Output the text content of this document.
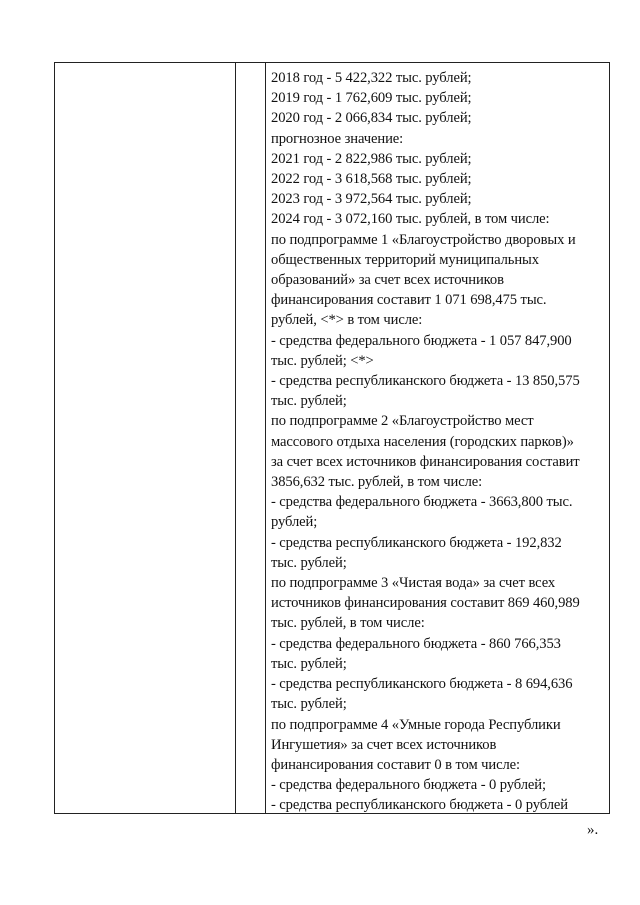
2018 год - 5 422,322 тыс. рублей;
2019 год - 1 762,609 тыс. рублей;
2020 год - 2 066,834 тыс. рублей;
прогнозное значение:
2021 год - 2 822,986 тыс. рублей;
2022 год - 3 618,568 тыс. рублей;
2023 год - 3 972,564 тыс. рублей;
2024 год - 3 072,160 тыс. рублей, в том числе:
по подпрограмме 1 «Благоустройство дворовых и
общественных территорий муниципальных
образований» за счет всех источников
финансирования составит 1 071 698,475 тыс.
рублей, <*> в том числе:
- средства федерального бюджета - 1 057 847,900
тыс. рублей; <*>
- средства республиканского бюджета - 13 850,575
тыс. рублей;
по подпрограмме 2 «Благоустройство мест
массового отдыха населения (городских парков)»
за счет всех источников финансирования составит
3856,632 тыс. рублей, в том числе:
- средства федерального бюджета - 3663,800 тыс.
рублей;
- средства республиканского бюджета - 192,832
тыс. рублей;
по подпрограмме 3 «Чистая вода» за счет всех
источников финансирования составит 869 460,989
тыс. рублей, в том числе:
- средства федерального бюджета - 860 766,353
тыс. рублей;
- средства республиканского бюджета - 8 694,636
тыс. рублей;
по подпрограмме 4 «Умные города Республики
Ингушетия» за счет всех источников
финансирования составит 0 в том числе:
- средства федерального бюджета - 0 рублей;
- средства республиканского бюджета - 0 рублей
».
